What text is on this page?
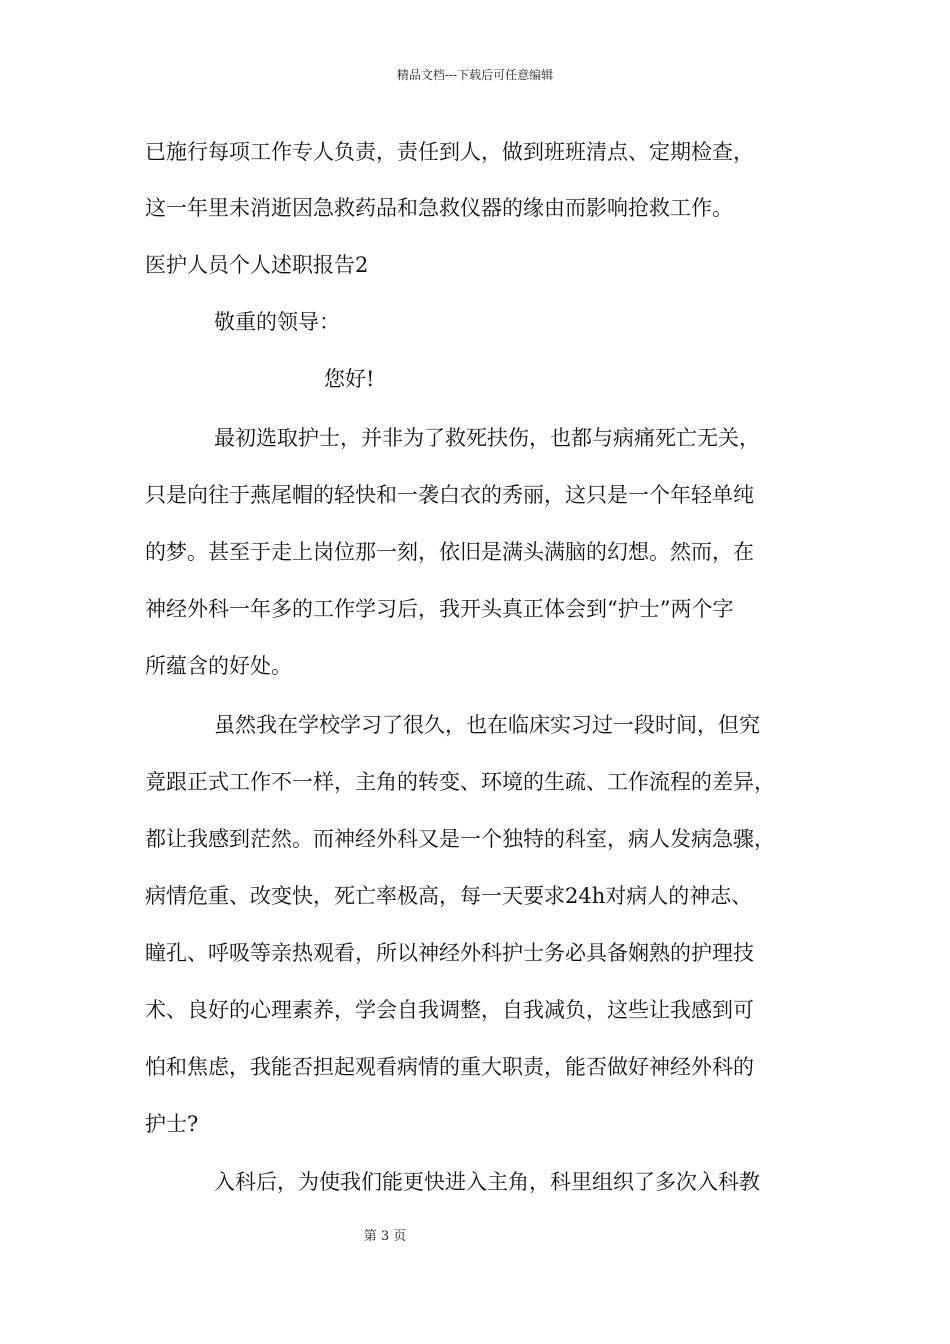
精品文档---下载后可任意编辑
已施行每项工作专人负责，责任到人，做到班班清点、定期检查，
这一年里未消逝因急救药品和急救仪器的缘由而影响抢救工作。
医护人员个人述职报告2
敬重的领导：
您好!
最初选取护士，并非为了救死扶伤，也都与病痛死亡无关，
只是向往于燕尾帽的轻快和一袭白衣的秀丽，这只是一个年轻单纯
的梦。甚至于走上岗位那一刻，依旧是满头满脑的幻想。然而，在
神经外科一年多的工作学习后，我开头真正体会到“护士”两个字
所蕴含的好处。
虽然我在学校学习了很久，也在临床实习过一段时间，但究
竟跟正式工作不一样，主角的转变、环境的生疏、工作流程的差异，
都让我感到茫然。而神经外科又是一个独特的科室，病人发病急骤，
病情危重、改变快，死亡率极高，每一天要求24h对病人的神志、
瞳孔、呼吸等亲热观看，所以神经外科护士务必具备娴熟的护理技
术、良好的心理素养，学会自我调整，自我减负，这些让我感到可
怕和焦虑，我能否担起观看病情的重大职责，能否做好神经外科的
护士?
入科后，为使我们能更快进入主角，科里组织了多次入科教
第 3 页
